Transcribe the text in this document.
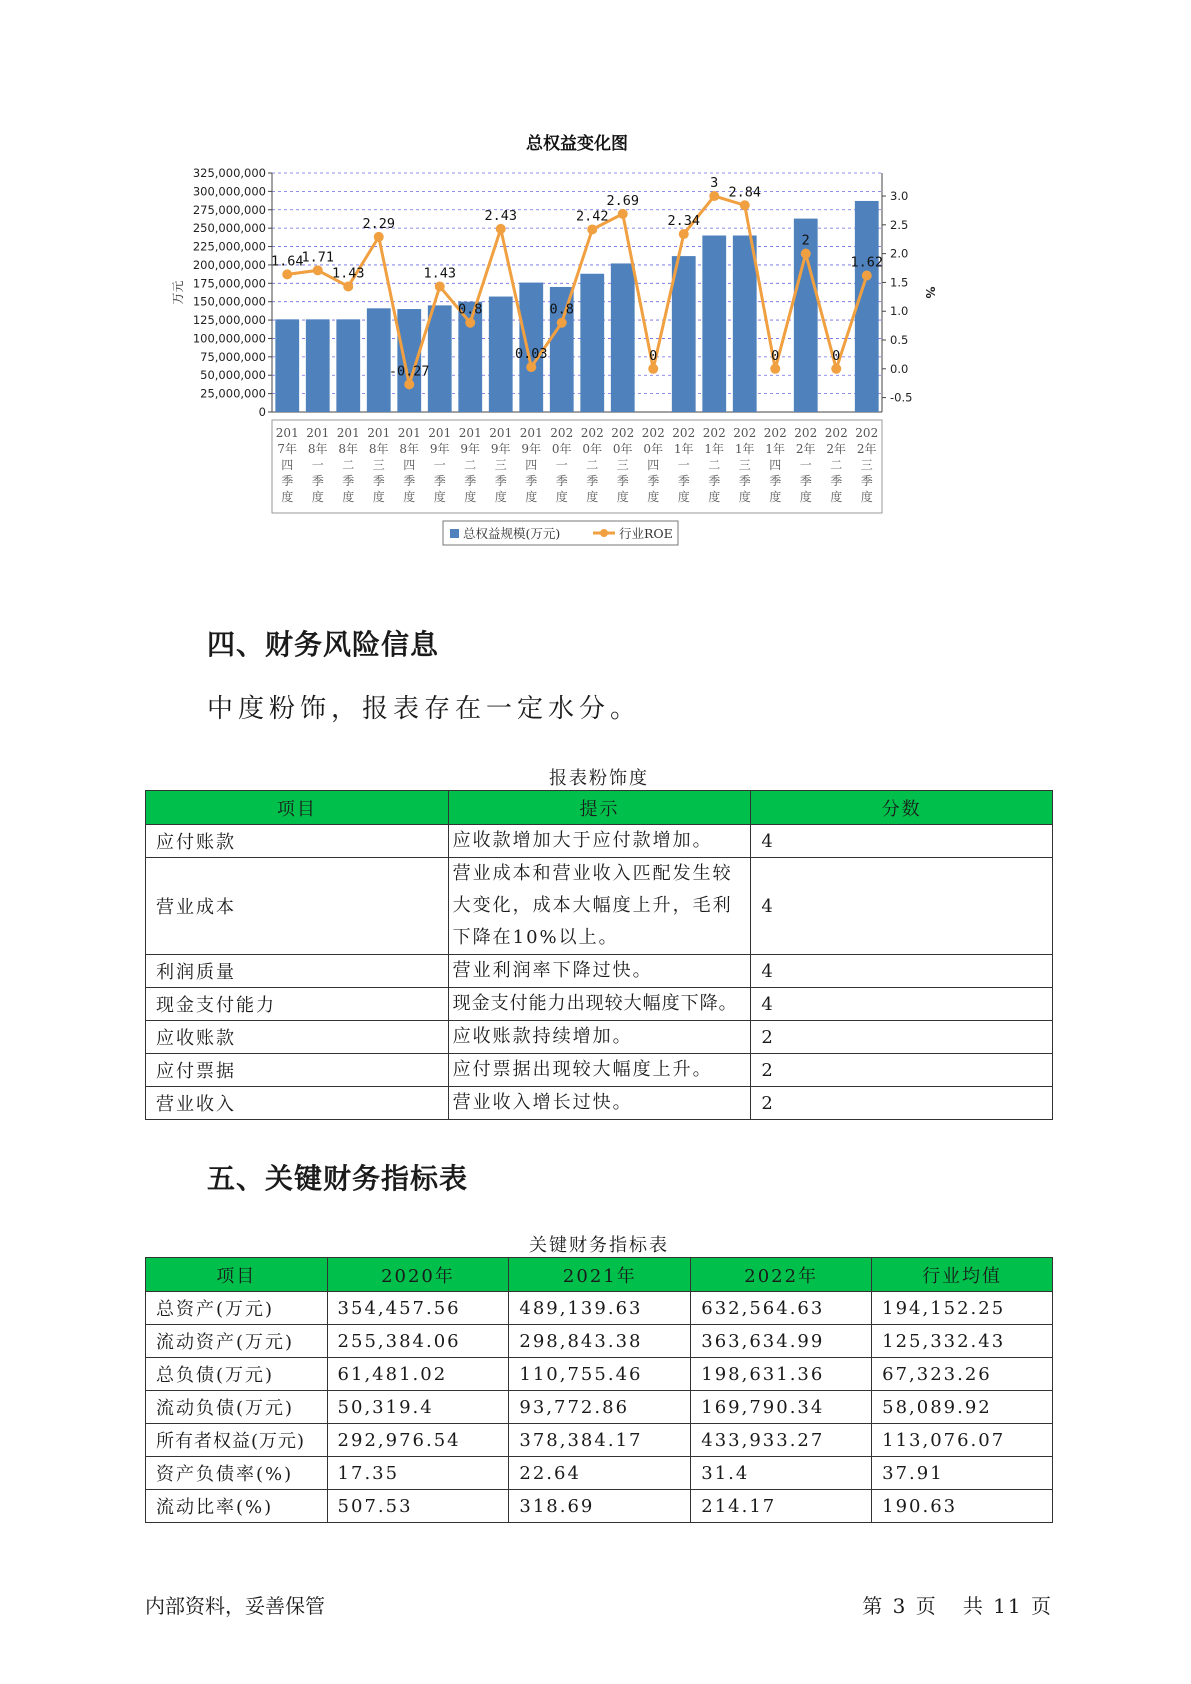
总权益变化图
0
25,000,000
50,000,000
75,000,000
100,000,000
125,000,000
150,000,000
175,000,000
200,000,000
225,000,000
250,000,000
275,000,000
300,000,000
325,000,000
-0.5
0.0
0.5
1.0
1.5
2.0
2.5
3.0
万元	%
201
7年
四
季
度
201
8年
一
季
度
201
8年
二
季
度
201
8年
三
季
度
201
8年
四
季
度
201
9年
一
季
度
201
9年
二
季
度
201
9年
三
季
度
201
9年
四
季
度
202
0年
一
季
度
202
0年
二
季
度
202
0年
三
季
度
202
0年
四
季
度
202
1年
一
季
度
202
1年
二
季
度
202
1年
三
季
度
202
1年
四
季
度
202
2年
一
季
度
202
2年
二
季
度
202
2年
三
季
度
1.64
1.71
1.43
2.29
-0.27
1.43
0.8
2.43
0.03
0.8
2.42
2.69
0
2.34
3
2.84
0
2
0
1.62
总权益规模(万元)	行业ROE
四、财务风险信息
中度粉饰，报表存在一定水分。
报表粉饰度
项目	提示	分数
应付账款	应收款增加大于应付款增加。	4
营业成本	营业成本和营业收入匹配发生较大变化，成本大幅度上升，毛利下降在10%以上。	4
利润质量	营业利润率下降过快。	4
现金支付能力	现金支付能力出现较大幅度下降。	4
应收账款	应收账款持续增加。	2
应付票据	应付票据出现较大幅度上升。	2
营业收入	营业收入增长过快。	2
五、关键财务指标表
关键财务指标表
项目	2020年	2021年	2022年	行业均值
总资产(万元)	354,457.56	489,139.63	632,564.63	194,152.25
流动资产(万元)	255,384.06	298,843.38	363,634.99	125,332.43
总负债(万元)	61,481.02	110,755.46	198,631.36	67,323.26
流动负债(万元)	50,319.4	93,772.86	169,790.34	58,089.92
所有者权益(万元)	292,976.54	378,384.17	433,933.27	113,076.07
资产负债率(%)	17.35	22.64	31.4	37.91
流动比率(%)	507.53	318.69	214.17	190.63
内部资料，妥善保管	第 3 页   共 11 页
